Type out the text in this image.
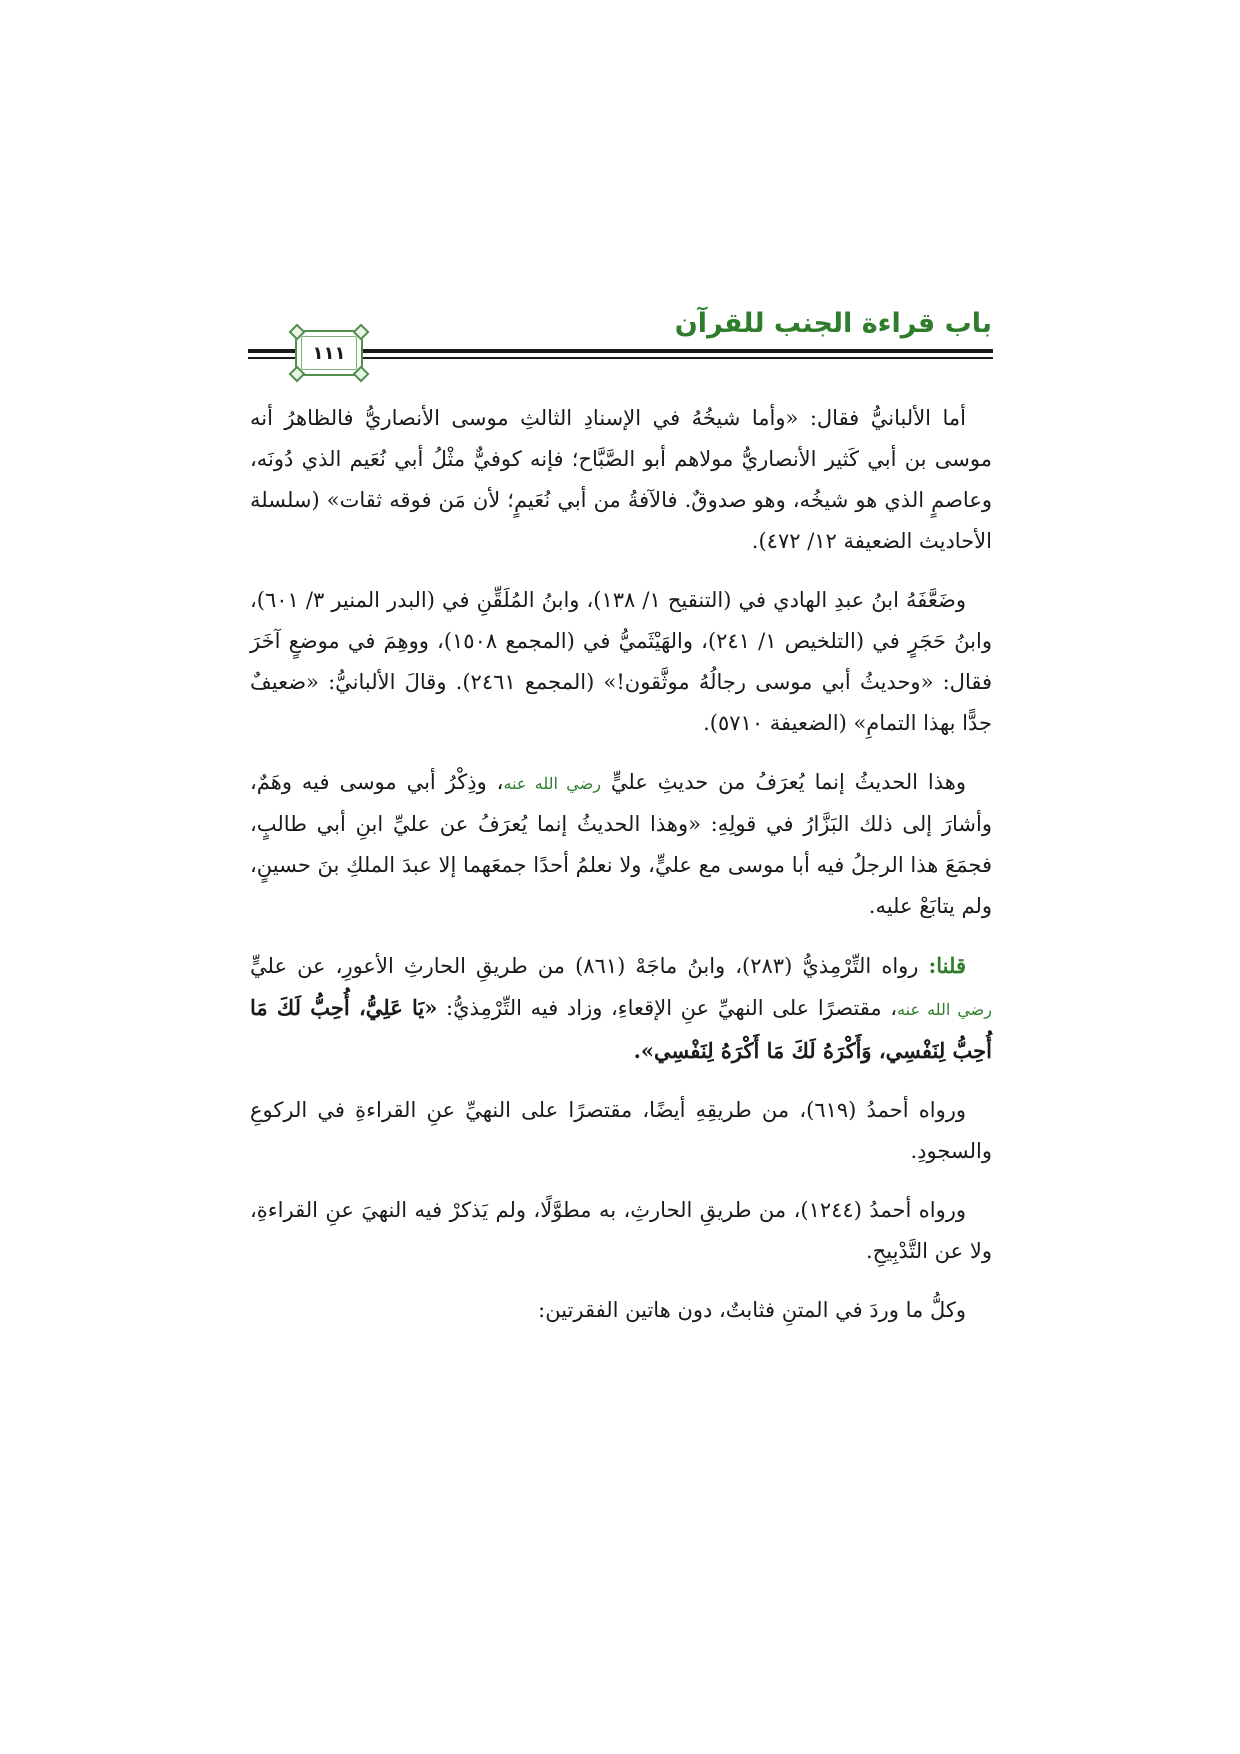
باب قراءة الجنب للقرآن
١١١

أما الألبانيُّ فقال: «وأما شيخُهُ في الإسنادِ الثالثِ موسى الأنصاريُّ فالظاهرُ أنه موسى بن أبي كَثير الأنصاريُّ مولاهم أبو الصَّبَّاح؛ فإنه كوفيٌّ مثْلُ أبي نُعَيم الذي دُونَه، وعاصمٍ الذي هو شيخُه، وهو صدوقٌ. فالآفةُ من أبي نُعَيمٍ؛ لأن مَن فوقه ثقات» (سلسلة الأحاديث الضعيفة ١٢/ ٤٧٢).

وضَعَّفَهُ ابنُ عبدِ الهادي في (التنقيح ١/ ١٣٨)، وابنُ المُلَقِّنِ في (البدر المنير ٣/ ٦٠١)، وابنُ حَجَرٍ في (التلخيص ١/ ٢٤١)، والهَيْثَميُّ في (المجمع ١٥٠٨)، ووهِمَ في موضعٍ آخَرَ فقال: «وحديثُ أبي موسى رجالُهُ موثَّقون!» (المجمع ٢٤٦١). وقالَ الألبانيُّ: «ضعيفٌ جدًّا بهذا التمامِ» (الضعيفة ٥٧١٠).

وهذا الحديثُ إنما يُعرَفُ من حديثِ عليٍّ رضي الله عنه، وذِكْرُ أبي موسى فيه وهَمٌ، وأشارَ إلى ذلك البَزَّارُ في قولِهِ: «وهذا الحديثُ إنما يُعرَفُ عن عليِّ ابنِ أبي طالبٍ، فجمَعَ هذا الرجلُ فيه أبا موسى مع عليٍّ، ولا نعلمُ أحدًا جمعَهما إلا عبدَ الملكِ بنَ حسينٍ، ولم يتابَعْ عليه.

قلنا: رواه التِّرْمِذيُّ (٢٨٣)، وابنُ ماجَهْ (٨٦١) من طريقِ الحارثِ الأعورِ، عن عليٍّ رضي الله عنه، مقتصرًا على النهيِّ عنِ الإقعاءِ، وزاد فيه التِّرْمِذيُّ: «يَا عَلِيُّ، أُحِبُّ لَكَ مَا أُحِبُّ لِنَفْسِي، وَأَكْرَهُ لَكَ مَا أَكْرَهُ لِنَفْسِي».

ورواه أحمدُ (٦١٩)، من طريقِهِ أيضًا، مقتصرًا على النهيِّ عنِ القراءةِ في الركوعِ والسجودِ.

ورواه أحمدُ (١٢٤٤)، من طريقِ الحارثِ، به مطوَّلًا، ولم يَذكرْ فيه النهيَ عنِ القراءةِ، ولا عن التَّدْبِيحِ.

وكلُّ ما وردَ في المتنِ فثابتٌ، دون هاتين الفقرتين:
